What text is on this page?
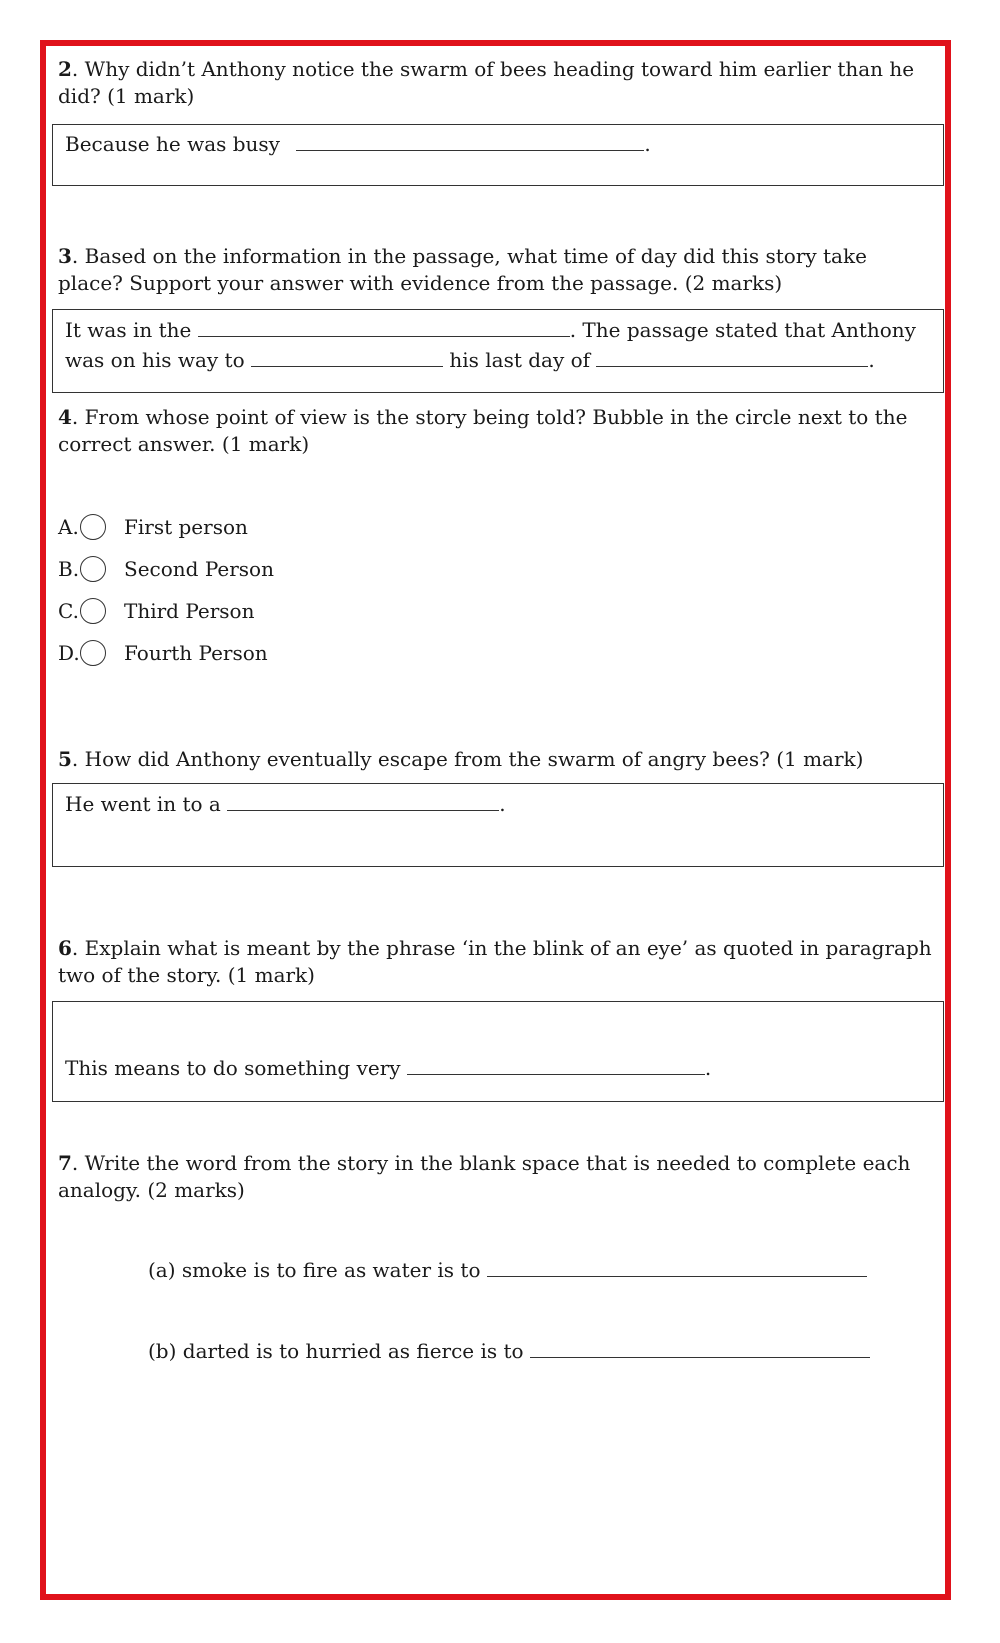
2. Why didn’t Anthony notice the swarm of bees heading toward him earlier than he did? (1 mark)
Because he was busy	.
3. Based on the information in the passage, what time of day did this story take place? Support your answer with evidence from the passage. (2 marks)
It was in the	. The passage stated that Anthony
was on his way to	his last day of	.
4. From whose point of view is the story being told? Bubble in the circle next to the correct answer. (1 mark)
A. First person
B. Second Person
C. Third Person
D. Fourth Person
5. How did Anthony eventually escape from the swarm of angry bees? (1 mark)
He went in to a	.
6. Explain what is meant by the phrase ‘in the blink of an eye’ as quoted in paragraph two of the story. (1 mark)
This means to do something very	.
7. Write the word from the story in the blank space that is needed to complete each analogy. (2 marks)
(a) smoke is to fire as water is to
(b) darted is to hurried as fierce is to
